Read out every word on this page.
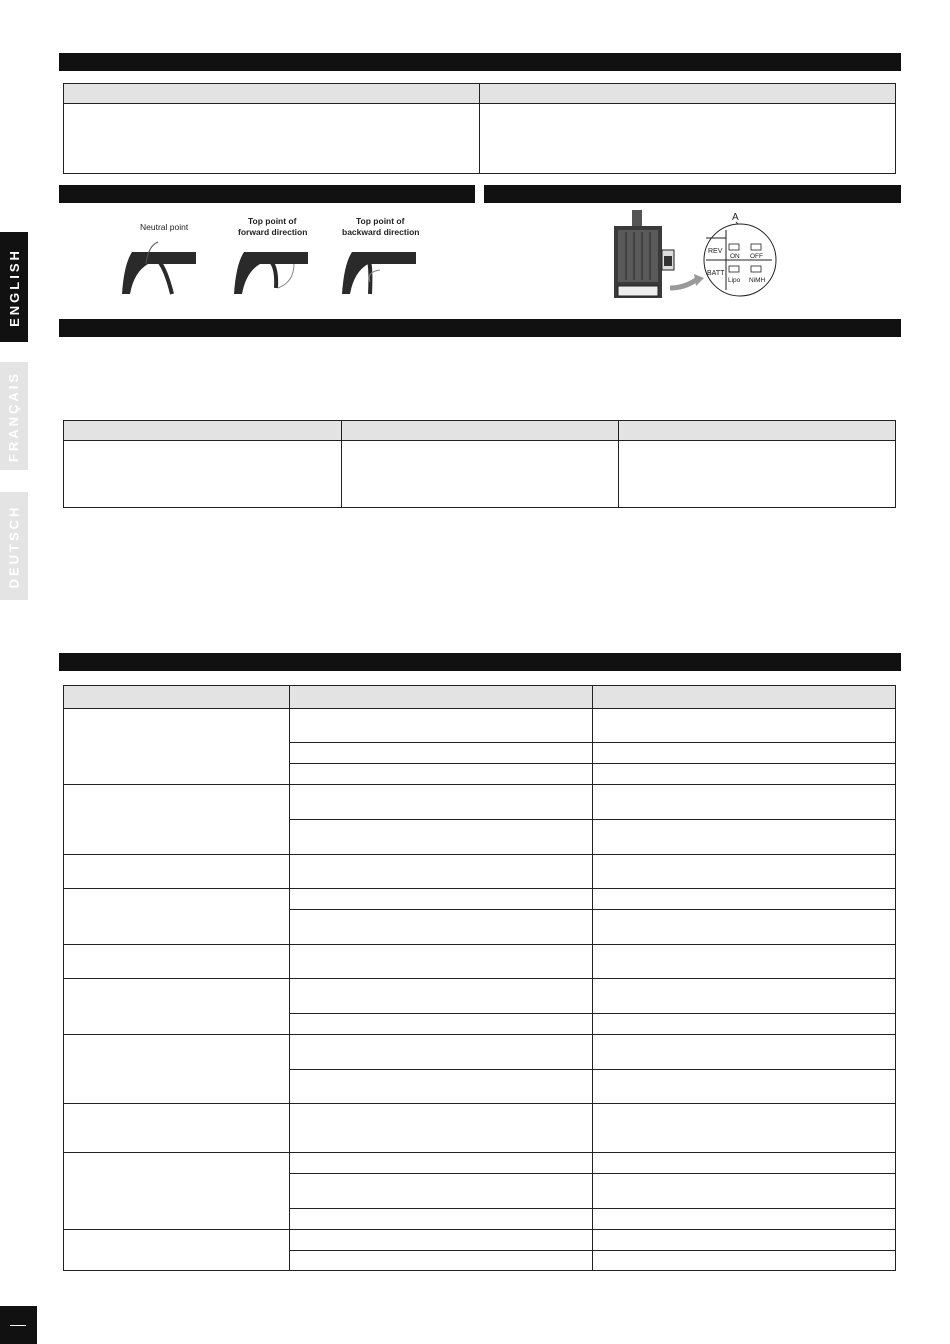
ENGLISH
FRANÇAIS
DEUTSCH

Neutral point
Top point of
forward direction
Top point of
backward direction
A
REV
ON OFF
BATT
Lipo NiMH
